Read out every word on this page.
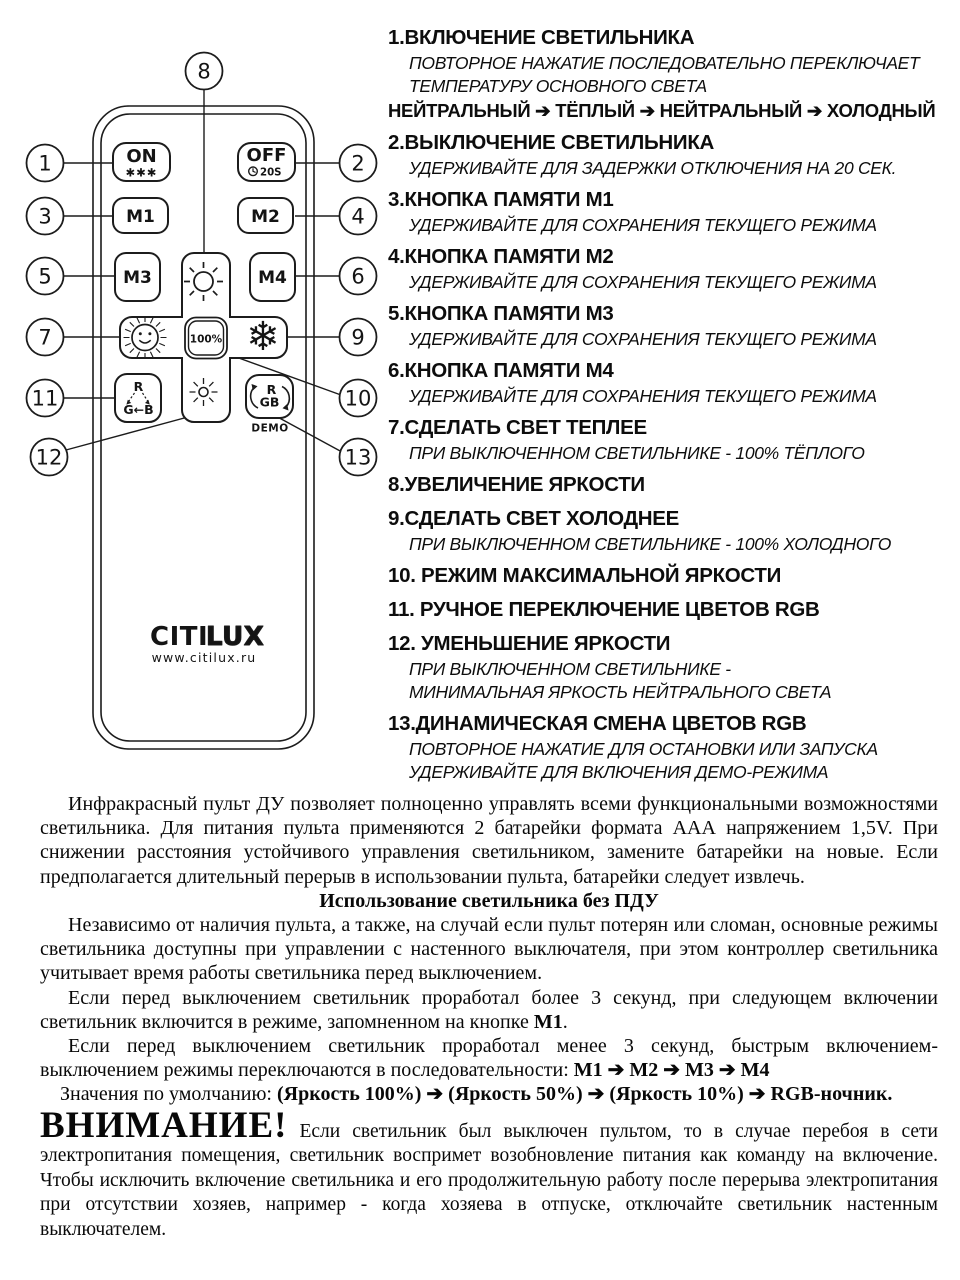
ON
✱✱✱
OFF
20S
M1	M2
M3	M4
100% ❄
R
G←B
R
GB
DEMO
CITI
LUX
www.citilux.ru
8
1	2
3	4
5	6
7	9
11	10
12	13
1.ВКЛЮЧЕНИЕ СВЕТИЛЬНИКА
ПОВТОРНОЕ НАЖАТИЕ ПОСЛЕДОВАТЕЛЬНО ПЕРЕКЛЮЧАЕТ
ТЕМПЕРАТУРУ ОСНОВНОГО СВЕТА
НЕЙТРАЛЬНЫЙ ➔ ТЁПЛЫЙ ➔ НЕЙТРАЛЬНЫЙ ➔ ХОЛОДНЫЙ
2.ВЫКЛЮЧЕНИЕ СВЕТИЛЬНИКА
УДЕРЖИВАЙТЕ ДЛЯ ЗАДЕРЖКИ ОТКЛЮЧЕНИЯ НА 20 СЕК.
3.КНОПКА ПАМЯТИ М1
УДЕРЖИВАЙТЕ ДЛЯ СОХРАНЕНИЯ ТЕКУЩЕГО РЕЖИМА
4.КНОПКА ПАМЯТИ М2
УДЕРЖИВАЙТЕ ДЛЯ СОХРАНЕНИЯ ТЕКУЩЕГО РЕЖИМА
5.КНОПКА ПАМЯТИ М3
УДЕРЖИВАЙТЕ ДЛЯ СОХРАНЕНИЯ ТЕКУЩЕГО РЕЖИМА
6.КНОПКА ПАМЯТИ М4
УДЕРЖИВАЙТЕ ДЛЯ СОХРАНЕНИЯ ТЕКУЩЕГО РЕЖИМА
7.СДЕЛАТЬ СВЕТ ТЕПЛЕЕ
ПРИ ВЫКЛЮЧЕННОМ СВЕТИЛЬНИКЕ - 100% ТЁПЛОГО
8.УВЕЛИЧЕНИЕ ЯРКОСТИ
9.СДЕЛАТЬ СВЕТ ХОЛОДНЕЕ
ПРИ ВЫКЛЮЧЕННОМ СВЕТИЛЬНИКЕ - 100% ХОЛОДНОГО
10. РЕЖИМ МАКСИМАЛЬНОЙ ЯРКОСТИ
11. РУЧНОЕ ПЕРЕКЛЮЧЕНИЕ ЦВЕТОВ RGB
12. УМЕНЬШЕНИЕ ЯРКОСТИ
ПРИ ВЫКЛЮЧЕННОМ СВЕТИЛЬНИКЕ -
МИНИМАЛЬНАЯ ЯРКОСТЬ НЕЙТРАЛЬНОГО СВЕТА
13.ДИНАМИЧЕСКАЯ СМЕНА ЦВЕТОВ RGB
ПОВТОРНОЕ НАЖАТИЕ ДЛЯ ОСТАНОВКИ ИЛИ ЗАПУСКА
УДЕРЖИВАЙТЕ ДЛЯ ВКЛЮЧЕНИЯ ДЕМО-РЕЖИМА

Инфракрасный пульт ДУ позволяет полноценно управлять всеми функциональными возможностями светильника. Для питания пульта применяются 2 батарейки формата ААА напряжением 1,5V. При снижении расстояния устойчивого управления светильником, замените батарейки на новые. Если предполагается длительный перерыв в использовании пульта, батарейки следует извлечь.

Использование светильника без ПДУ

Независимо от наличия пульта, а также, на случай если пульт потерян или сломан, основные режимы светильника доступны при управлении с настенного выключателя, при этом контроллер светильника учитывает время работы светильника перед выключением.

Если перед выключением светильник проработал более 3 секунд, при следующем включении светильник включится в режиме, запомненном на кнопке М1.

Если перед выключением светильник проработал менее 3 секунд, быстрым включением-выключением режимы переключаются в последовательности: М1 ➔ М2 ➔ М3 ➔ М4

Значения по умолчанию: (Яркость 100%) ➔ (Яркость 50%) ➔ (Яркость 10%) ➔ RGB-ночник.

ВНИМАНИЕ! Если светильник был выключен пультом, то в случае перебоя в сети электропитания помещения, светильник воспримет возобновление питания как команду на включение. Чтобы исключить включение светильника и его продолжительную работу после перерыва электропитания при отсутствии хозяев, например - когда хозяева в отпуске, отключайте светильник настенным выключателем.
